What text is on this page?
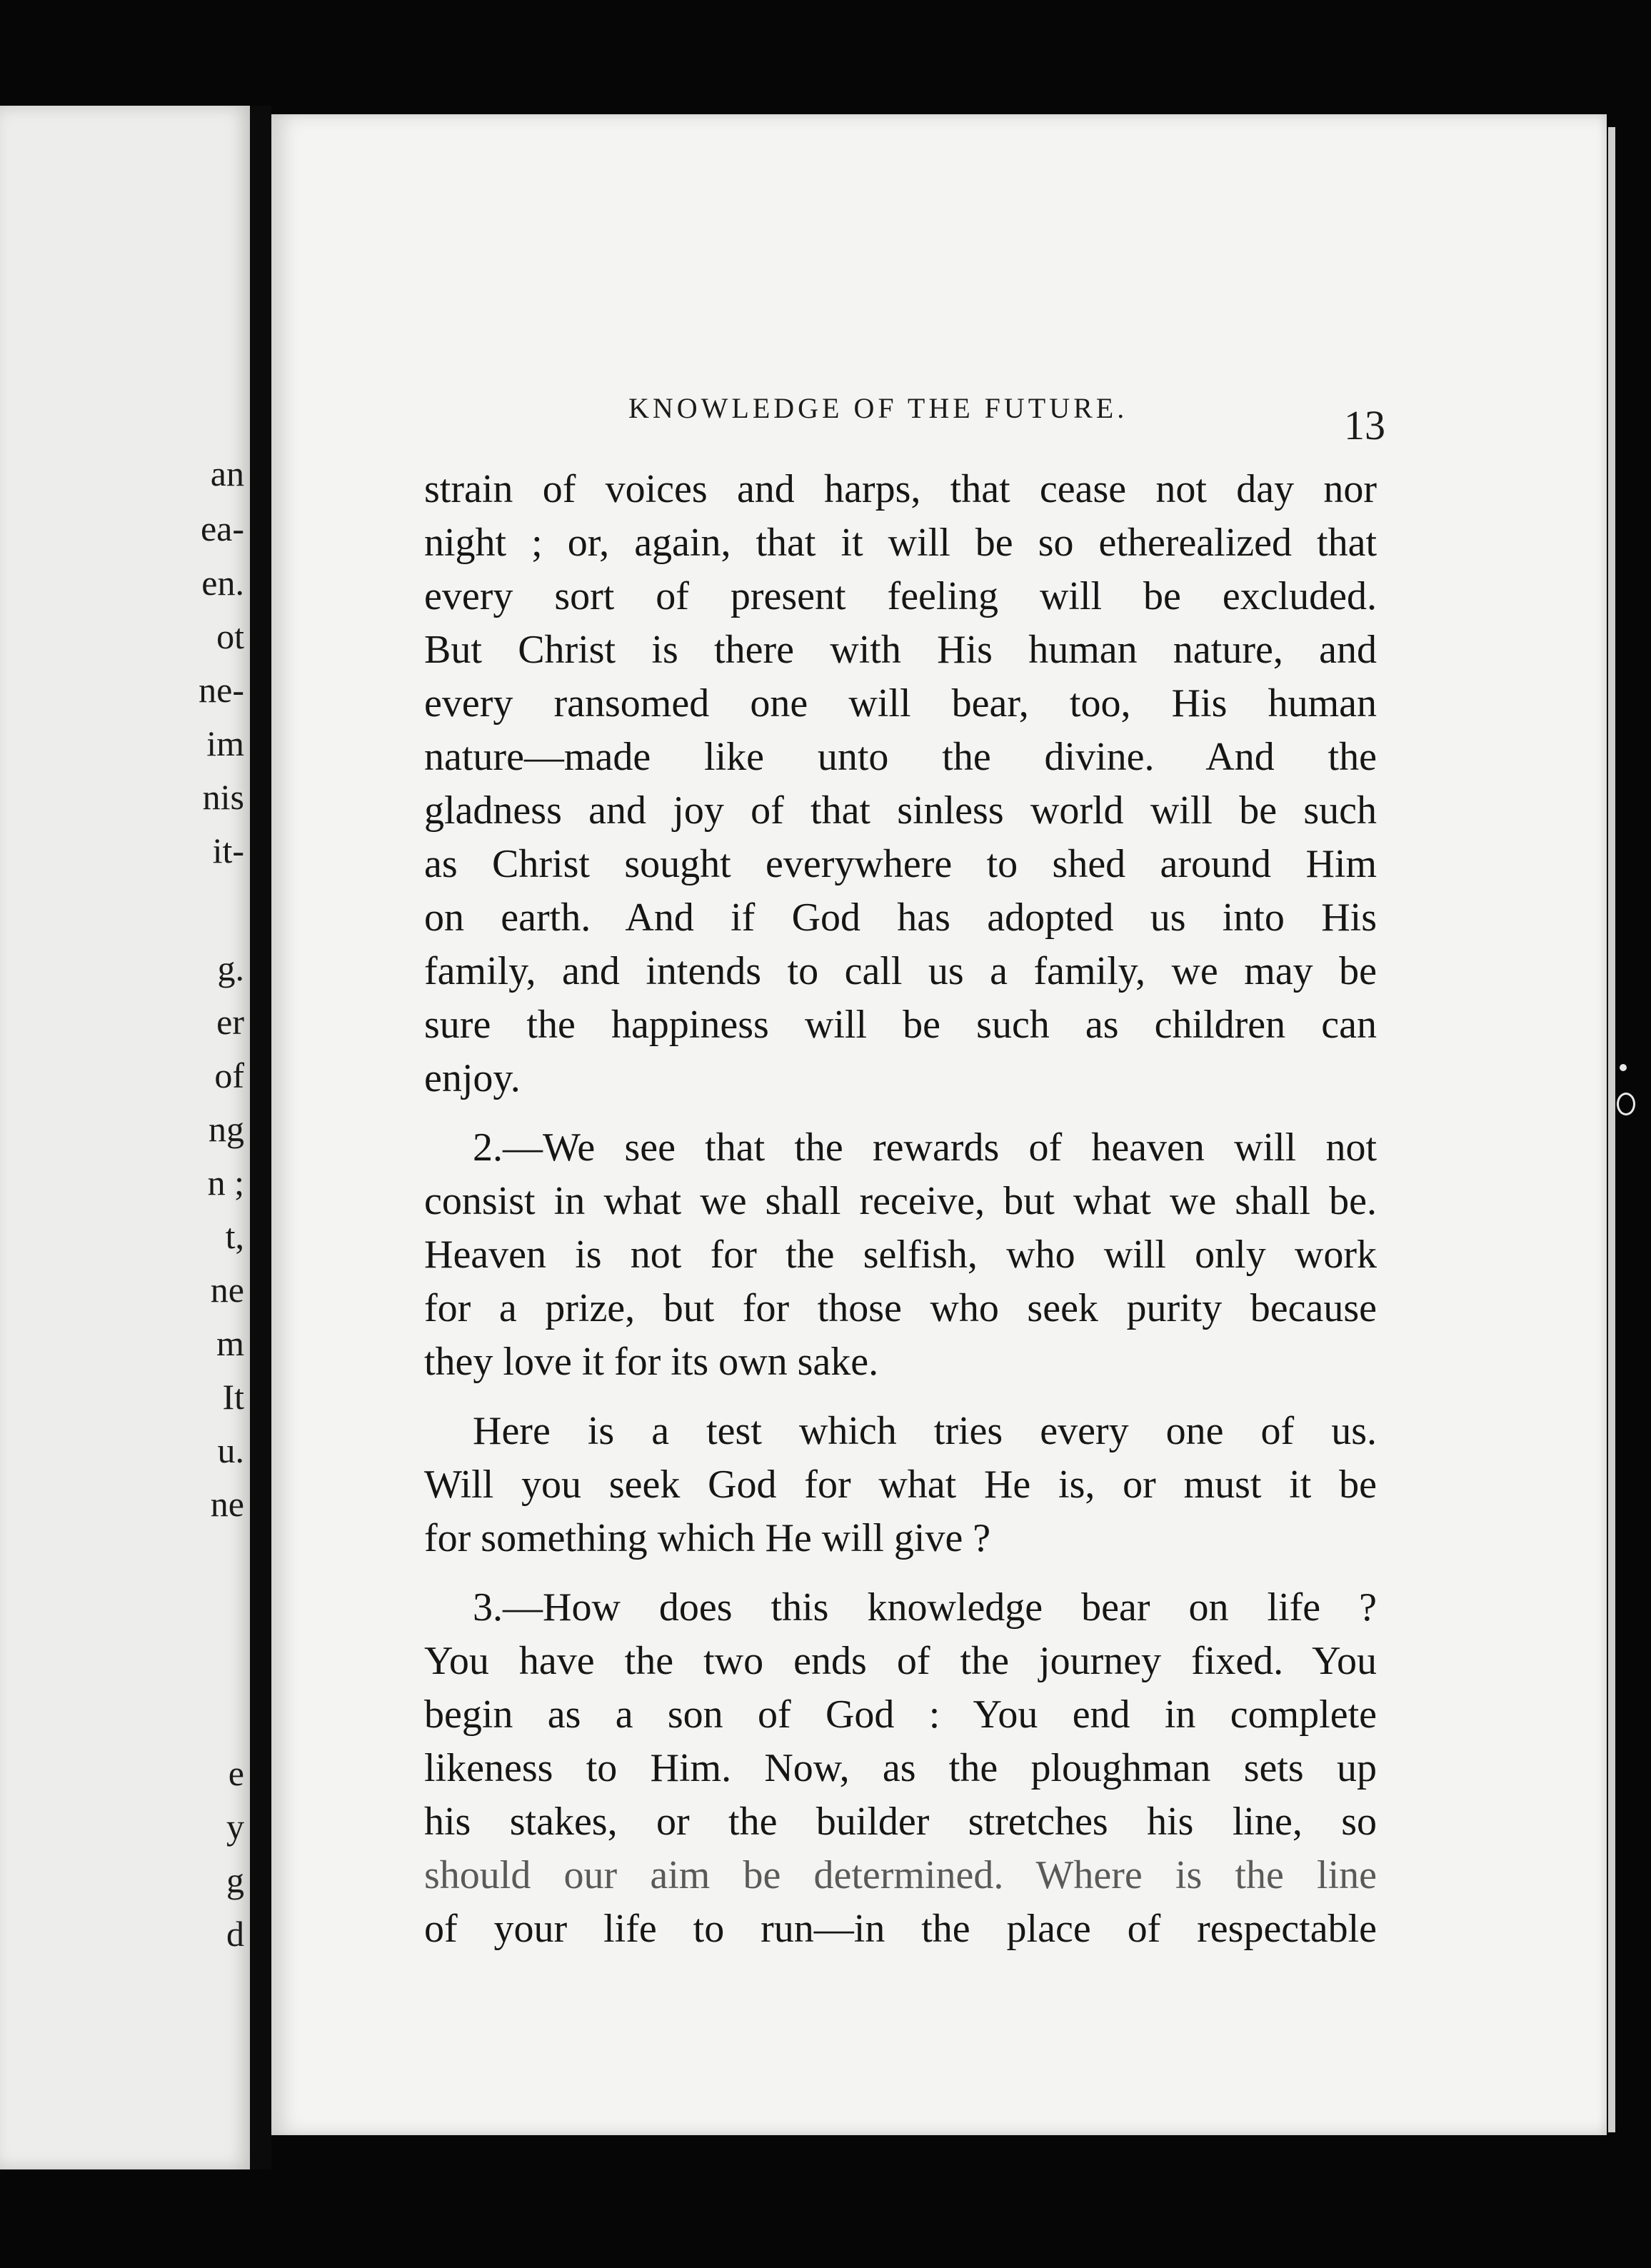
an

ea-

en.

ot

ne-

im

nis

it-

g.

er

of

ng

n ;

t,

ne

m

It

u.

ne

e

y

g

d

KNOWLEDGE OF THE FUTURE.	13

strain of voices and harps, that cease not day nor
night ; or, again, that it will be so etherealized that
every sort of present feeling will be excluded.
But Christ is there with His human nature, and
every ransomed one will bear, too, His human
nature—made like unto the divine. And the
gladness and joy of that sinless world will be such
as Christ sought everywhere to shed around Him
on earth. And if God has adopted us into His
family, and intends to call us a family, we may be
sure the happiness will be such as children can
enjoy.

2.—We see that the rewards of heaven will not
consist in what we shall receive, but what we shall be.
Heaven is not for the selfish, who will only work
for a prize, but for those who seek purity because
they love it for its own sake.

Here is a test which tries every one of us.
Will you seek God for what He is, or must it be
for something which He will give ?

3.—How does this knowledge bear on life ?
You have the two ends of the journey fixed. You
begin as a son of God : You end in complete
likeness to Him. Now, as the ploughman sets up
his stakes, or the builder stretches his line, so
should our aim be determined. Where is the line
of your life to run—in the place of respectable
